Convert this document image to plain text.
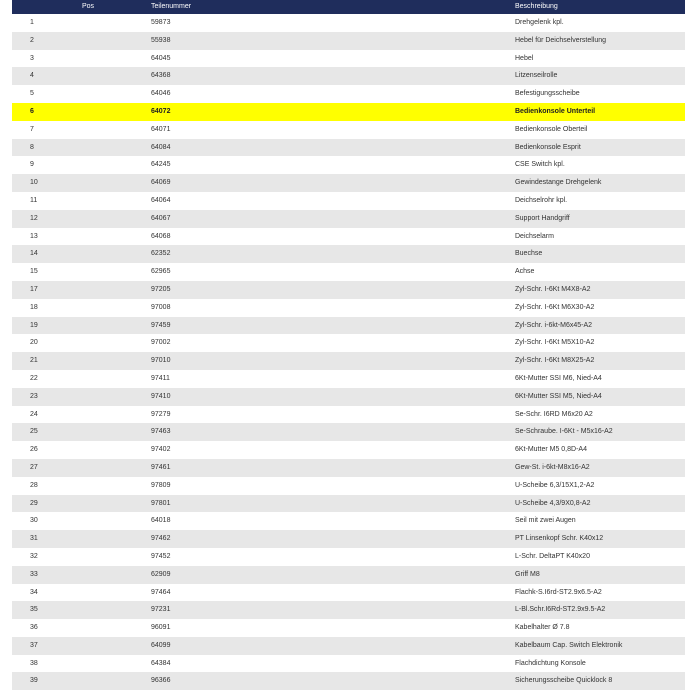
Pos	Teilenummer	Beschreibung
1	59873	Drehgelenk kpl.
2	55938	Hebel für Deichselverstellung
3	64045	Hebel
4	64368	Litzenseilrolle
5	64046	Befestigungsscheibe
6	64072	Bedienkonsole Unterteil
7	64071	Bedienkonsole Oberteil
8	64084	Bedienkonsole Esprit
9	64245	CSE Switch kpl.
10	64069	Gewindestange Drehgelenk
11	64064	Deichselrohr kpl.
12	64067	Support Handgriff
13	64068	Deichselarm
14	62352	Buechse
15	62965	Achse
17	97205	Zyl-Schr. I-6Kt M4X8-A2
18	97008	Zyl-Schr. I-6Kt M6X30-A2
19	97459	Zyl-Schr. i-6kt-M6x45-A2
20	97002	Zyl-Schr. I-6Kt M5X10-A2
21	97010	Zyl-Schr. I-6Kt M8X25-A2
22	97411	6Kt-Mutter SSI M6, Nied-A4
23	97410	6Kt-Mutter SSI M5, Nied-A4
24	97279	Se-Schr. I6RD M6x20 A2
25	97463	Se-Schraube. I-6Kt - M5x16-A2
26	97402	6Kt-Mutter M5 0,8D-A4
27	97461	Gew-St. i-6kt-M8x16-A2
28	97809	U-Scheibe 6,3/15X1,2-A2
29	97801	U-Scheibe 4,3/9X0,8-A2
30	64018	Seil mit zwei Augen
31	97462	PT Linsenkopf Schr. K40x12
32	97452	L-Schr. DeltaPT K40x20
33	62909	Griff M8
34	97464	Flachk-S.I6rd-ST2.9x6.5-A2
35	97231	L-Bl.Schr.I6Rd-ST2.9x9.5-A2
36	96091	Kabelhalter Ø 7.8
37	64099	Kabelbaum Cap. Switch Elektronik
38	64384	Flachdichtung Konsole
39	96366	Sicherungsscheibe Quicklock 8
